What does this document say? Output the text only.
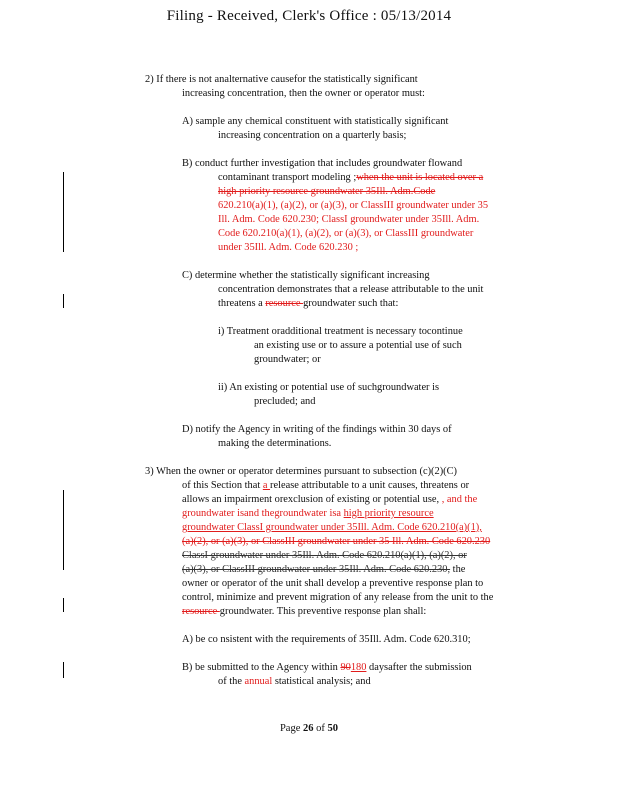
Filing - Received, Clerk's Office : 05/13/2014
2) If there is not analternative causefor the statistically significant
increasing concentration, then the owner or operator must:
A) sample any chemical constituent with statistically significant
increasing concentration on a quarterly basis;
B) conduct further investigation that includes groundwater flowand
contaminant transport modeling ;when the unit is located over a
high priority resource groundwater 35Ill. Adm.Code
620.210(a)(1), (a)(2), or (a)(3), or ClassIII groundwater under 35
Ill. Adm. Code 620.230; ClassI groundwater under 35Ill. Adm.
Code 620.210(a)(1), (a)(2), or (a)(3), or ClassIII groundwater
under 35Ill. Adm. Code 620.230 ;
C) determine whether the statistically significant increasing
concentration demonstrates that a release attributable to the unit
threatens a resource groundwater such that:
i) Treatment oradditional treatment is necessary tocontinue
an existing use or to assure a potential use of such
groundwater; or
ii) An existing or potential use of suchgroundwater is
precluded; and
D) notify the Agency in writing of the findings within 30 days of
making the determinations.
3) When the owner or operator determines pursuant to subsection (c)(2)(C)
of this Section that a release attributable to a unit causes, threatens or
allows an impairment orexclusion of existing or potential use, , and the
groundwater isand thegroundwater isa high priority resource
groundwater ClassI groundwater under 35Ill. Adm. Code 620.210(a)(1),
(a)(2), or (a)(3), or ClassIII groundwater under 35 Ill. Adm. Code 620.230
ClassI groundwater under 35Ill. Adm. Code 620.210(a)(1), (a)(2), or
(a)(3), or ClassIII groundwater under 35Ill. Adm. Code 620.230, the
owner or operator of the unit shall develop a preventive response plan to
control, minimize and prevent migration of any release from the unit to the
resource groundwater. This preventive response plan shall:
A) be co nsistent with the requirements of 35Ill. Adm. Code 620.310;
B) be submitted to the Agency within 90180 daysafter the submission
of the annual statistical analysis; and
Page 26 of 50
